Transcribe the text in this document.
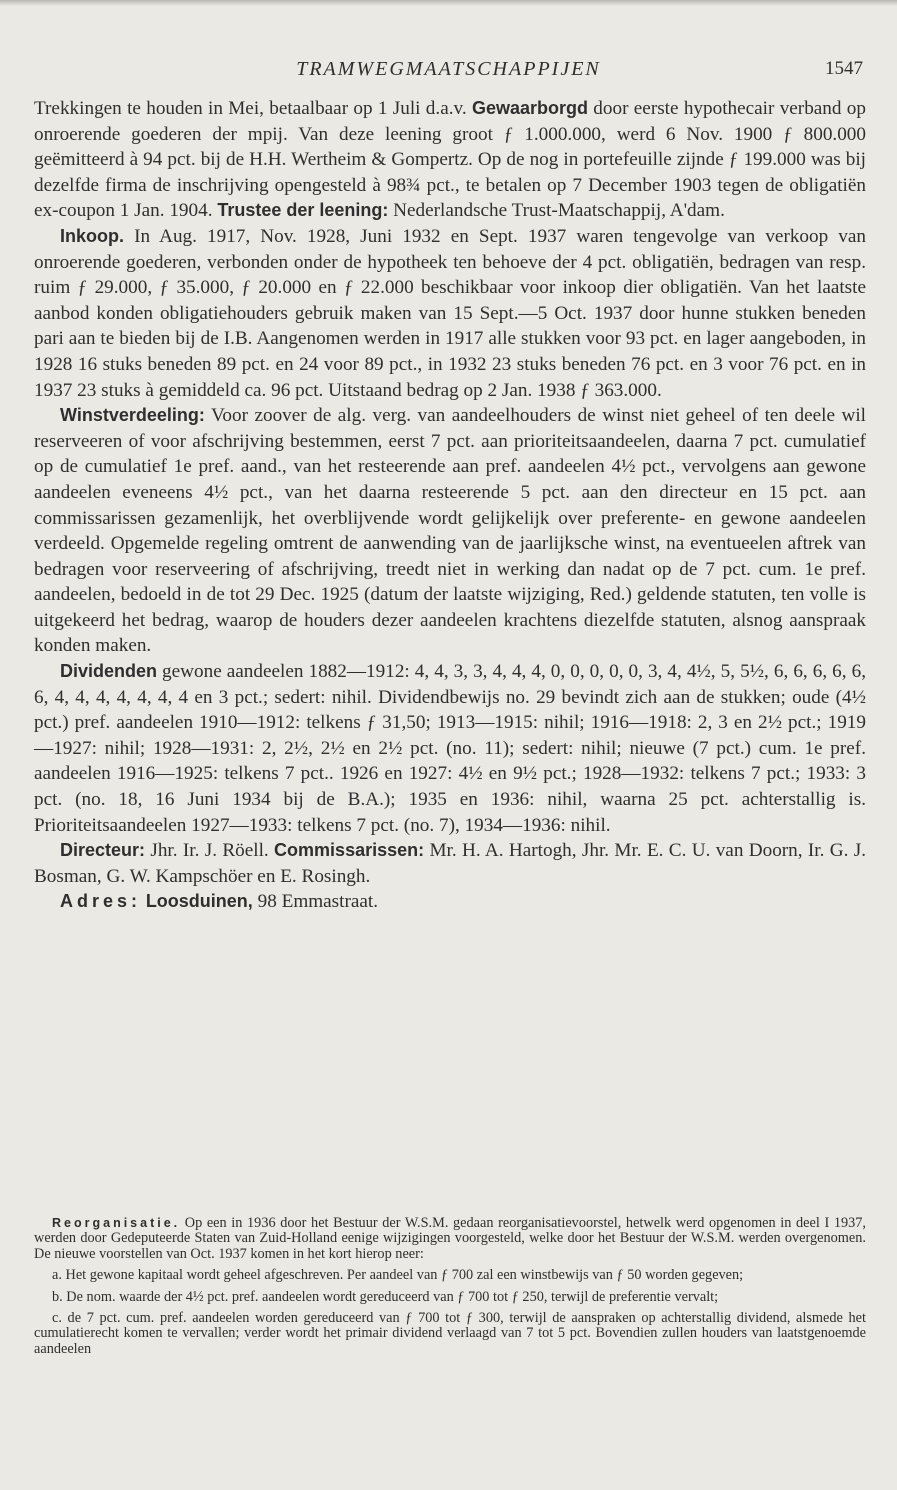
TRAMWEGMAATSCHAPPIJEN	1547

Trekkingen te houden in Mei, betaalbaar op 1 Juli d.a.v. Gewaarborgd door eerste hypothecair verband op onroerende goederen der mpij. Van deze leening groot ƒ 1.000.000, werd 6 Nov. 1900 ƒ 800.000 geëmitteerd à 94 pct. bij de H.H. Wertheim & Gompertz. Op de nog in portefeuille zijnde ƒ 199.000 was bij dezelfde firma de inschrijving opengesteld à 98¾ pct., te betalen op 7 December 1903 tegen de obligatiën ex-coupon 1 Jan. 1904. Trustee der leening: Nederlandsche Trust-Maatschappij, A'dam.

Inkoop. In Aug. 1917, Nov. 1928, Juni 1932 en Sept. 1937 waren tengevolge van verkoop van onroerende goederen, verbonden onder de hypotheek ten behoeve der 4 pct. obligatiën, bedragen van resp. ruim ƒ 29.000, ƒ 35.000, ƒ 20.000 en ƒ 22.000 beschikbaar voor inkoop dier obligatiën. Van het laatste aanbod konden obligatiehouders gebruik maken van 15 Sept.—5 Oct. 1937 door hunne stukken beneden pari aan te bieden bij de I.B. Aangenomen werden in 1917 alle stukken voor 93 pct. en lager aangeboden, in 1928 16 stuks beneden 89 pct. en 24 voor 89 pct., in 1932 23 stuks beneden 76 pct. en 3 voor 76 pct. en in 1937 23 stuks à gemiddeld ca. 96 pct. Uitstaand bedrag op 2 Jan. 1938 ƒ 363.000.

Winstverdeeling: Voor zoover de alg. verg. van aandeelhouders de winst niet geheel of ten deele wil reserveeren of voor afschrijving bestemmen, eerst 7 pct. aan prioriteitsaandeelen, daarna 7 pct. cumulatief op de cumulatief 1e pref. aand., van het resteerende aan pref. aandeelen 4½ pct., vervolgens aan gewone aandeelen eveneens 4½ pct., van het daarna resteerende 5 pct. aan den directeur en 15 pct. aan commissarissen gezamenlijk, het overblijvende wordt gelijkelijk over preferente- en gewone aandeelen verdeeld. Opgemelde regeling omtrent de aanwending van de jaarlijksche winst, na eventueelen aftrek van bedragen voor reserveering of afschrijving, treedt niet in werking dan nadat op de 7 pct. cum. 1e pref. aandeelen, bedoeld in de tot 29 Dec. 1925 (datum der laatste wijziging, Red.) geldende statuten, ten volle is uitgekeerd het bedrag, waarop de houders dezer aandeelen krachtens diezelfde statuten, alsnog aanspraak konden maken.

Dividenden gewone aandeelen 1882—1912: 4, 4, 3, 3, 4, 4, 4, 0, 0, 0, 0, 0, 3, 4, 4½, 5, 5½, 6, 6, 6, 6, 6, 6, 4, 4, 4, 4, 4, 4, 4 en 3 pct.; sedert: nihil. Dividendbewijs no. 29 bevindt zich aan de stukken; oude (4½ pct.) pref. aandeelen 1910—1912: telkens ƒ 31,50; 1913—1915: nihil; 1916—1918: 2, 3 en 2½ pct.; 1919—1927: nihil; 1928—1931: 2, 2½, 2½ en 2½ pct. (no. 11); sedert: nihil; nieuwe (7 pct.) cum. 1e pref. aandeelen 1916—1925: telkens 7 pct.. 1926 en 1927: 4½ en 9½ pct.; 1928—1932: telkens 7 pct.; 1933: 3 pct. (no. 18, 16 Juni 1934 bij de B.A.); 1935 en 1936: nihil, waarna 25 pct. achterstallig is. Prioriteitsaandeelen 1927—1933: telkens 7 pct. (no. 7), 1934—1936: nihil.

Directeur: Jhr. Ir. J. Röell. Commissarissen: Mr. H. A. Hartogh, Jhr. Mr. E. C. U. van Doorn, Ir. G. J. Bosman, G. W. Kampschöer en E. Rosingh.

Adres: Loosduinen, 98 Emmastraat.

Reorganisatie. Op een in 1936 door het Bestuur der W.S.M. gedaan reorganisatievoorstel, hetwelk werd opgenomen in deel I 1937, werden door Gedeputeerde Staten van Zuid-Holland eenige wijzigingen voorgesteld, welke door het Bestuur der W.S.M. werden overgenomen. De nieuwe voorstellen van Oct. 1937 komen in het kort hierop neer:

a. Het gewone kapitaal wordt geheel afgeschreven. Per aandeel van ƒ 700 zal een winstbewijs van ƒ 50 worden gegeven;

b. De nom. waarde der 4½ pct. pref. aandeelen wordt gereduceerd van ƒ 700 tot ƒ 250, terwijl de preferentie vervalt;

c. de 7 pct. cum. pref. aandeelen worden gereduceerd van ƒ 700 tot ƒ 300, terwijl de aanspraken op achterstallig dividend, alsmede het cumulatierecht komen te vervallen; verder wordt het primair dividend verlaagd van 7 tot 5 pct. Bovendien zullen houders van laatstgenoemde aandeelen
